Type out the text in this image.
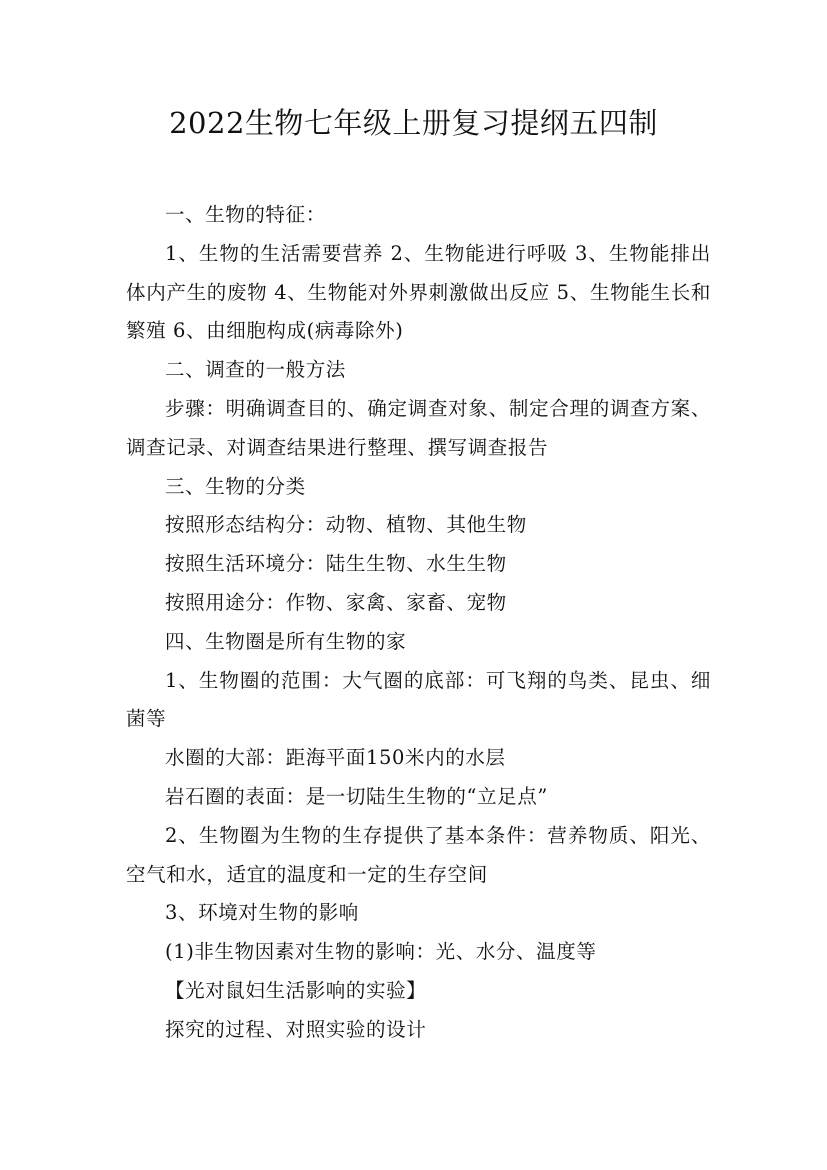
2022生物七年级上册复习提纲五四制

一、生物的特征：

1、生物的生活需要营养 2、生物能进行呼吸 3、生物能排出体内产生的废物 4、生物能对外界刺激做出反应 5、生物能生长和繁殖 6、由细胞构成(病毒除外)

二、调查的一般方法

步骤：明确调查目的、确定调查对象、制定合理的调查方案、调查记录、对调查结果进行整理、撰写调查报告

三、生物的分类

按照形态结构分：动物、植物、其他生物

按照生活环境分：陆生生物、水生生物

按照用途分：作物、家禽、家畜、宠物

四、生物圈是所有生物的家

1、生物圈的范围：大气圈的底部：可飞翔的鸟类、昆虫、细菌等

水圈的大部：距海平面150米内的水层

岩石圈的表面：是一切陆生生物的“立足点”

2、生物圈为生物的生存提供了基本条件：营养物质、阳光、空气和水，适宜的温度和一定的生存空间

3、环境对生物的影响

(1)非生物因素对生物的影响：光、水分、温度等

【光对鼠妇生活影响的实验】

探究的过程、对照实验的设计
